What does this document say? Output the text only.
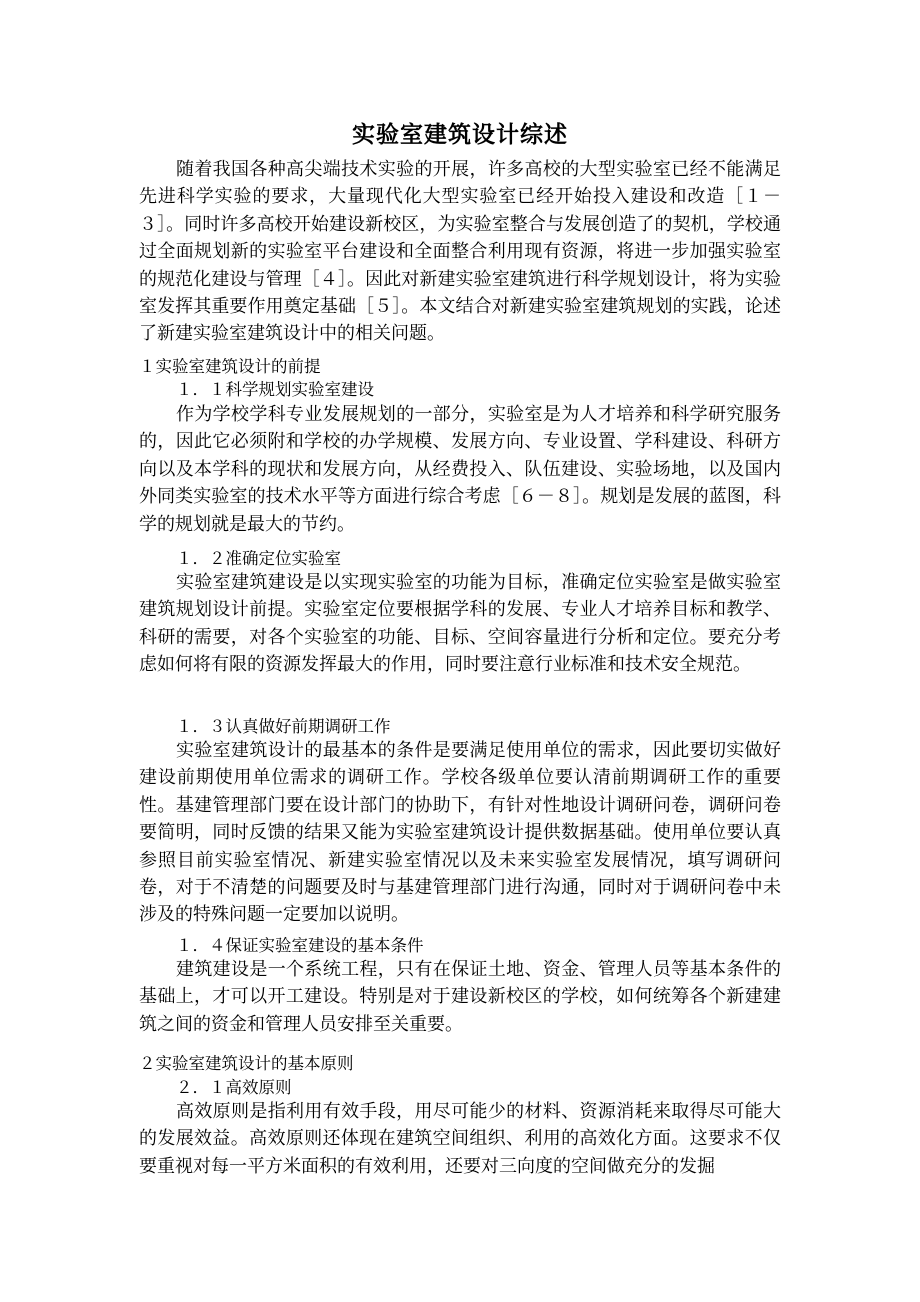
实验室建筑设计综述

随着我国各种高尖端技术实验的开展，许多高校的大型实验室已经不能满足先进科学实验的要求，大量现代化大型实验室已经开始投入建设和改造［１－３］。同时许多高校开始建设新校区，为实验室整合与发展创造了的契机，学校通过全面规划新的实验室平台建设和全面整合利用现有资源，将进一步加强实验室的规范化建设与管理［４］。因此对新建实验室建筑进行科学规划设计，将为实验室发挥其重要作用奠定基础［５］。本文结合对新建实验室建筑规划的实践，论述了新建实验室建筑设计中的相关问题。

１实验室建筑设计的前提
１．１科学规划实验室建设

作为学校学科专业发展规划的一部分，实验室是为人才培养和科学研究服务的，因此它必须附和学校的办学规模、发展方向、专业设置、学科建设、科研方向以及本学科的现状和发展方向，从经费投入、队伍建设、实验场地，以及国内外同类实验室的技术水平等方面进行综合考虑［６－８］。规划是发展的蓝图，科学的规划就是最大的节约。

１．２准确定位实验室

实验室建筑建设是以实现实验室的功能为目标，准确定位实验室是做实验室建筑规划设计前提。实验室定位要根据学科的发展、专业人才培养目标和教学、科研的需要，对各个实验室的功能、目标、空间容量进行分析和定位。要充分考虑如何将有限的资源发挥最大的作用，同时要注意行业标准和技术安全规范。

１．３认真做好前期调研工作

实验室建筑设计的最基本的条件是要满足使用单位的需求，因此要切实做好建设前期使用单位需求的调研工作。学校各级单位要认清前期调研工作的重要性。基建管理部门要在设计部门的协助下，有针对性地设计调研问卷，调研问卷要简明，同时反馈的结果又能为实验室建筑设计提供数据基础。使用单位要认真参照目前实验室情况、新建实验室情况以及未来实验室发展情况，填写调研问卷，对于不清楚的问题要及时与基建管理部门进行沟通，同时对于调研问卷中未涉及的特殊问题一定要加以说明。

１．４保证实验室建设的基本条件

建筑建设是一个系统工程，只有在保证土地、资金、管理人员等基本条件的基础上，才可以开工建设。特别是对于建设新校区的学校，如何统筹各个新建建筑之间的资金和管理人员安排至关重要。

２实验室建筑设计的基本原则
２．１高效原则

高效原则是指利用有效手段，用尽可能少的材料、资源消耗来取得尽可能大的发展效益。高效原则还体现在建筑空间组织、利用的高效化方面。这要求不仅要重视对每一平方米面积的有效利用，还要对三向度的空间做充分的发掘
